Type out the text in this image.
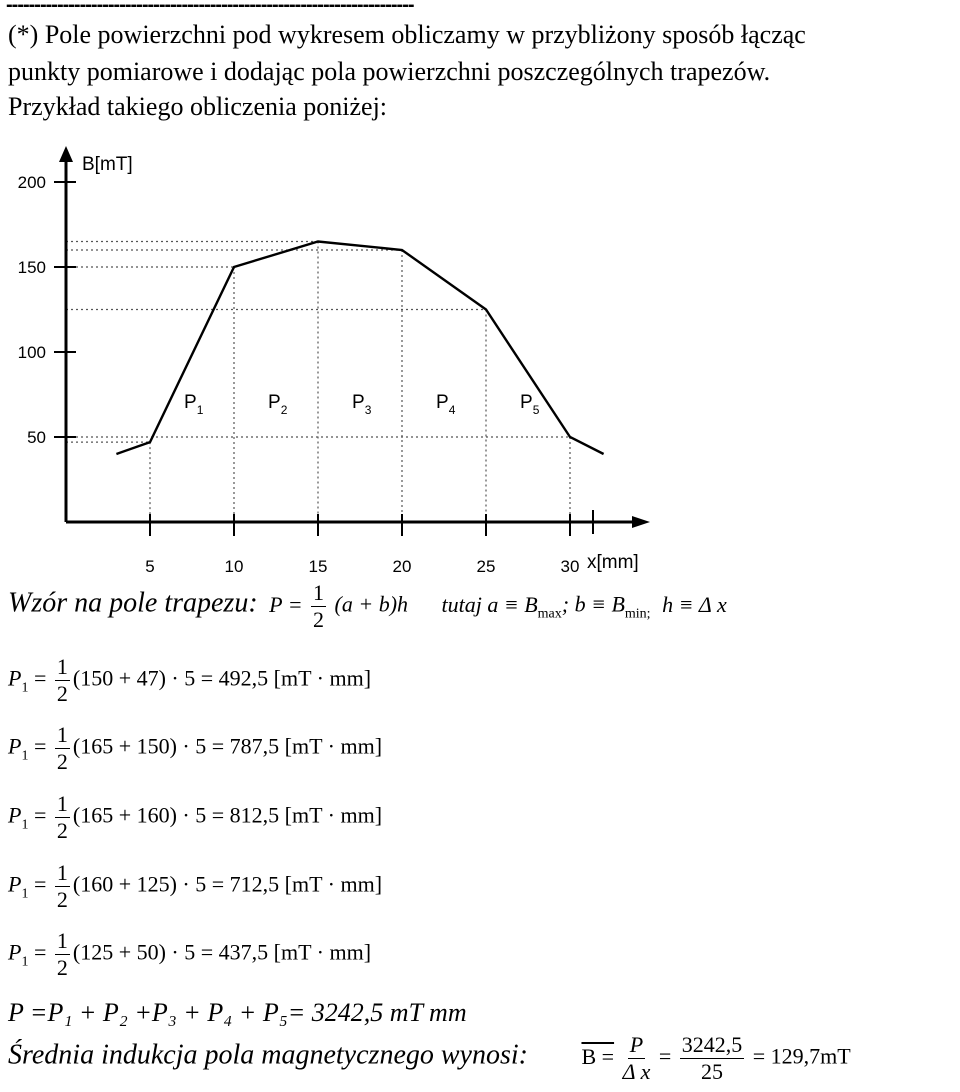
------------------------------------------------------------------------
(*) Pole powierzchni pod wykresem obliczamy w przybliżony sposób łącząc
punkty pomiarowe i dodając pola powierzchni poszczególnych trapezów.
Przykład takiego obliczenia poniżej:
B[mT]
x[mm]
200
150
100
50
5	10	15	20	25	30
$P_1$	$P_2$	$P_3$	$P_4$	$P_5$
Wzór na pole trapezu: $P = \frac{1}{2} (a + b)h$ tutaj $a \equiv B_{max}$; $b \equiv B_{min;}$ h ≡ Δ x
$P_1 = \frac{1}{2} (150 + 47) \cdot 5 = 492,5$ [mT · mm]
$P_1 = \frac{1}{2} (165 + 150) \cdot 5 = 787,5$ [mT · mm]
$P_1 = \frac{1}{2} (165 + 160) \cdot 5 = 812,5$ [mT · mm]
$P_1 = \frac{1}{2} (160 + 125) \cdot 5 = 712,5$ [mT · mm]
$P_1 = \frac{1}{2} (125 + 50) \cdot 5 = 437,5$ [mT · mm]
P =P₁ + P₂ +P₃ + P₄ + P₅= 3242,5 mT mm
Średnia indukcja pola magnetycznego wynosi: $B = \frac{P}{\text{Δ x}} = \frac{3242,5}{25} = 129,7mT$
